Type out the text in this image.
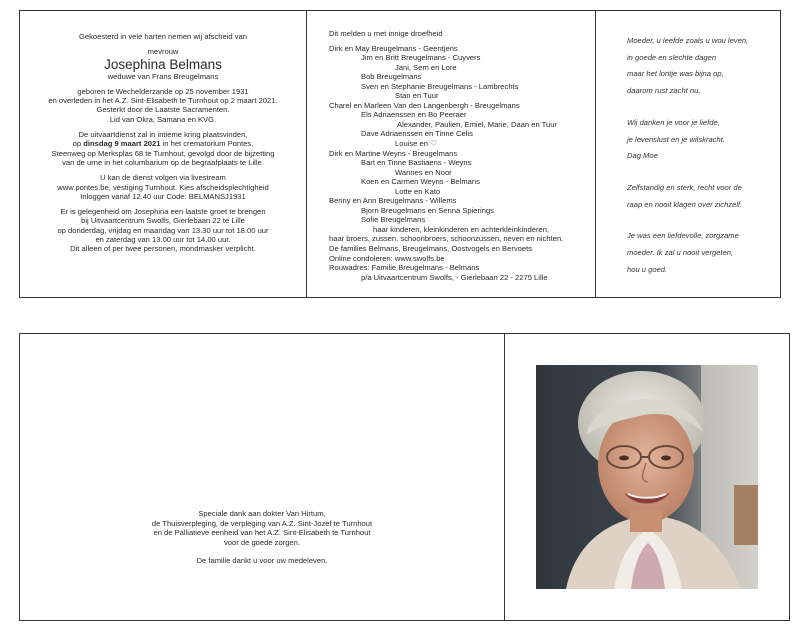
Gekoesterd in vele harten nemen wij afscheid van
mevrouw
Josephina Belmans
weduwe van Frans Breugelmans
geboren te Wechelderzande op 25 november 1931
en overleden in het A.Z. Sint-Elisabeth te Turnhout op 2 maart 2021.
Gesterkt door de Laatste Sacramenten.
Lid van Okra, Samana en KVG.
De uitvaartdienst zal in intieme kring plaatsvinden,
op dinsdag 9 maart 2021 in het crematorium Pontes,
Steenweg op Merksplas 68 te Turnhout, gevolgd door de bijzetting
van de urne in het columbarium op de begraafplaats te Lille.
U kan de dienst volgen via livestream
www.pontes.be, vestiging Turnhout. Kies afscheidsplechtigheid
Inloggen vanaf 12.40 uur Code: BELMANSJ1931
Er is gelegenheid om Josephina een laatste groet te brengen
bij Uitvaartcentrum Swolfs, Gierlebaan 22 te Lille
op donderdag, vrijdag en maandag van 13.30 uur tot 18.00 uur
en zaterdag van 13.00 uur tot 14.00 uur.
Dit alleen of per twee personen, mondmasker verplicht.
Dit melden u met innige droefheid
Dirk en May Breugelmans - Geentjens
Jim en Britt Breugelmans - Cuyvers
Jani, Sem en Lore
Bob Breugelmans
Sven en Stephanie Breugelmans - Lambrechts
Stan en Tuur
Charel en Marleen Van den Langenbergh - Breugelmans
Els Adriaenssen en Bo Peeraer
Alexander, Paulien, Emiel, Marie, Daan en Tuur
Dave Adriaenssen en Tinne Celis
Louise en ♡
Dirk en Martine Weyns - Breugelmans
Bart en Tinne Bastiaens - Weyns
Wannes en Noor
Koen en Carmen Weyns - Belmans
Lotte en Kato
Benny en Ann Breugelmans - Willems
Bjorn Breugelmans en Senna Spierings
Sofie Breugelmans
haar kinderen, kleinkinderen en achterkleinkinderen,
haar broers, zussen, schoonbroers, schoonzussen, neven en nichten.
De families Belmans, Breugelmans, Oostvogels en Bervoets
Online condoleren: www.swolfs.be
Rouwadres: Familie Breugelmans - Belmans
p/a Uitvaartcentrum Swolfs, - Gierlebaan 22 - 2275 Lille
Moeder, u leefde zoals u wou leven,
in goede en slechte dagen
maar het lontje was bijna op,
daarom rust zacht nu.
Wij danken je voor je liefde,
je levenslust en je wilskracht.
Dag Moe
Zelfstandig en sterk, recht voor de
raap en nooit klagen over zichzelf.
Je was een liefdevolle, zorgzame
moeder. Ik zal u nooit vergeten,
hou u goed.
Speciale dank aan dokter Van Hirtum,
de Thuisverpleging, de verpleging van A.Z. Sint-Jozef te Turnhout
en de Palliatieve eenheid van het A.Z. Sint-Elisabeth te Turnhout
voor de goede zorgen.
De familie dankt u voor uw medeleven.
